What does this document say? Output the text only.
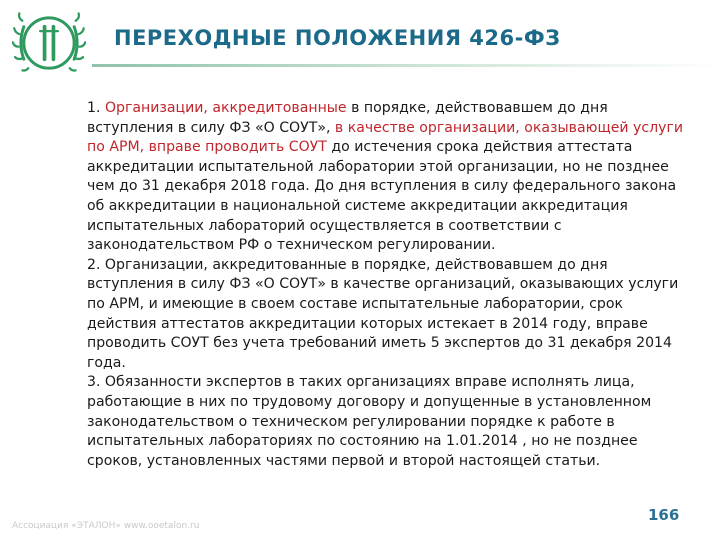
ПЕРЕХОДНЫЕ ПОЛОЖЕНИЯ 426-ФЗ

1. Организации, аккредитованные в порядке, действовавшем до дня вступления в силу ФЗ «О СОУТ», в качестве организации, оказывающей услуги по АРМ, вправе проводить СОУТ до истечения срока действия аттестата аккредитации испытательной лаборатории этой организации, но не позднее чем до 31 декабря 2018 года. До дня вступления в силу федерального закона об аккредитации в национальной системе аккредитации аккредитация испытательных лабораторий осуществляется в соответствии с законодательством РФ о техническом регулировании.

2. Организации, аккредитованные в порядке, действовавшем до дня вступления в силу ФЗ «О СОУТ» в качестве организаций, оказывающих услуги по АРМ, и имеющие в своем составе испытательные лаборатории, срок действия аттестатов аккредитации которых истекает в 2014 году, вправе проводить СОУТ без учета требований иметь 5 экспертов до 31 декабря 2014 года.

3. Обязанности экспертов в таких организациях вправе исполнять лица, работающие в них по трудовому договору и допущенные в установленном законодательством о техническом регулировании порядке к работе в испытательных лабораториях по состоянию на 1.01.2014 , но не позднее сроков, установленных частями первой и второй настоящей статьи.

Ассоциация «ЭТАЛОН» www.ooetalon.ru
166
